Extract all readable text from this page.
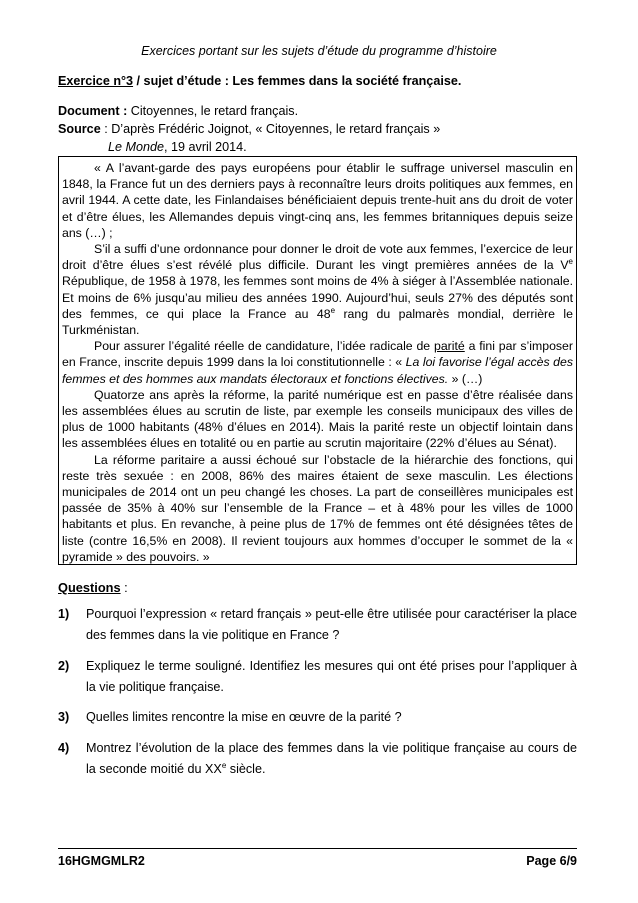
Exercices portant sur les sujets d’étude du programme d’histoire
Exercice n°3 / sujet d’étude : Les femmes dans la société française.
Document : Citoyennes, le retard français.
Source : D’après Frédéric Joignot, « Citoyennes, le retard français »
Le Monde, 19 avril 2014.

« A l’avant-garde des pays européens pour établir le suffrage universel masculin en 1848, la France fut un des derniers pays à reconnaître leurs droits politiques aux femmes, en avril 1944. A cette date, les Finlandaises bénéficiaient depuis trente-huit ans du droit de voter et d’être élues, les Allemandes depuis vingt-cinq ans, les femmes britanniques depuis seize ans (…) ;

S’il a suffi d’une ordonnance pour donner le droit de vote aux femmes, l’exercice de leur droit d’être élues s’est révélé plus difficile. Durant les vingt premières années de la Ve République, de 1958 à 1978, les femmes sont moins de 4% à siéger à l’Assemblée nationale. Et moins de 6% jusqu’au milieu des années 1990. Aujourd’hui, seuls 27% des députés sont des femmes, ce qui place la France au 48e rang du palmarès mondial, derrière le Turkménistan.

Pour assurer l’égalité réelle de candidature, l’idée radicale de parité a fini par s’imposer en France, inscrite depuis 1999 dans la loi constitutionnelle : « La loi favorise l’égal accès des femmes et des hommes aux mandats électoraux et fonctions électives. » (…)

Quatorze ans après la réforme, la parité numérique est en passe d’être réalisée dans les assemblées élues au scrutin de liste, par exemple les conseils municipaux des villes de plus de 1000 habitants (48% d’élues en 2014). Mais la parité reste un objectif lointain dans les assemblées élues en totalité ou en partie au scrutin majoritaire (22% d’élues au Sénat).

La réforme paritaire a aussi échoué sur l’obstacle de la hiérarchie des fonctions, qui reste très sexuée : en 2008, 86% des maires étaient de sexe masculin. Les élections municipales de 2014 ont un peu changé les choses. La part de conseillères municipales est passée de 35% à 40% sur l’ensemble de la France – et à 48% pour les villes de 1000 habitants et plus. En revanche, à peine plus de 17% de femmes ont été désignées têtes de liste (contre 16,5% en 2008). Il revient toujours aux hommes d’occuper le sommet de la « pyramide » des pouvoirs. »

Questions :
1) Pourquoi l’expression « retard français » peut-elle être utilisée pour caractériser la place des femmes dans la vie politique en France ?
2) Expliquez le terme souligné. Identifiez les mesures qui ont été prises pour l’appliquer à la vie politique française.
3) Quelles limites rencontre la mise en œuvre de la parité ?
4) Montrez l’évolution de la place des femmes dans la vie politique française au cours de la seconde moitié du XXe siècle.
16HGMGMLR2	Page 6/9
